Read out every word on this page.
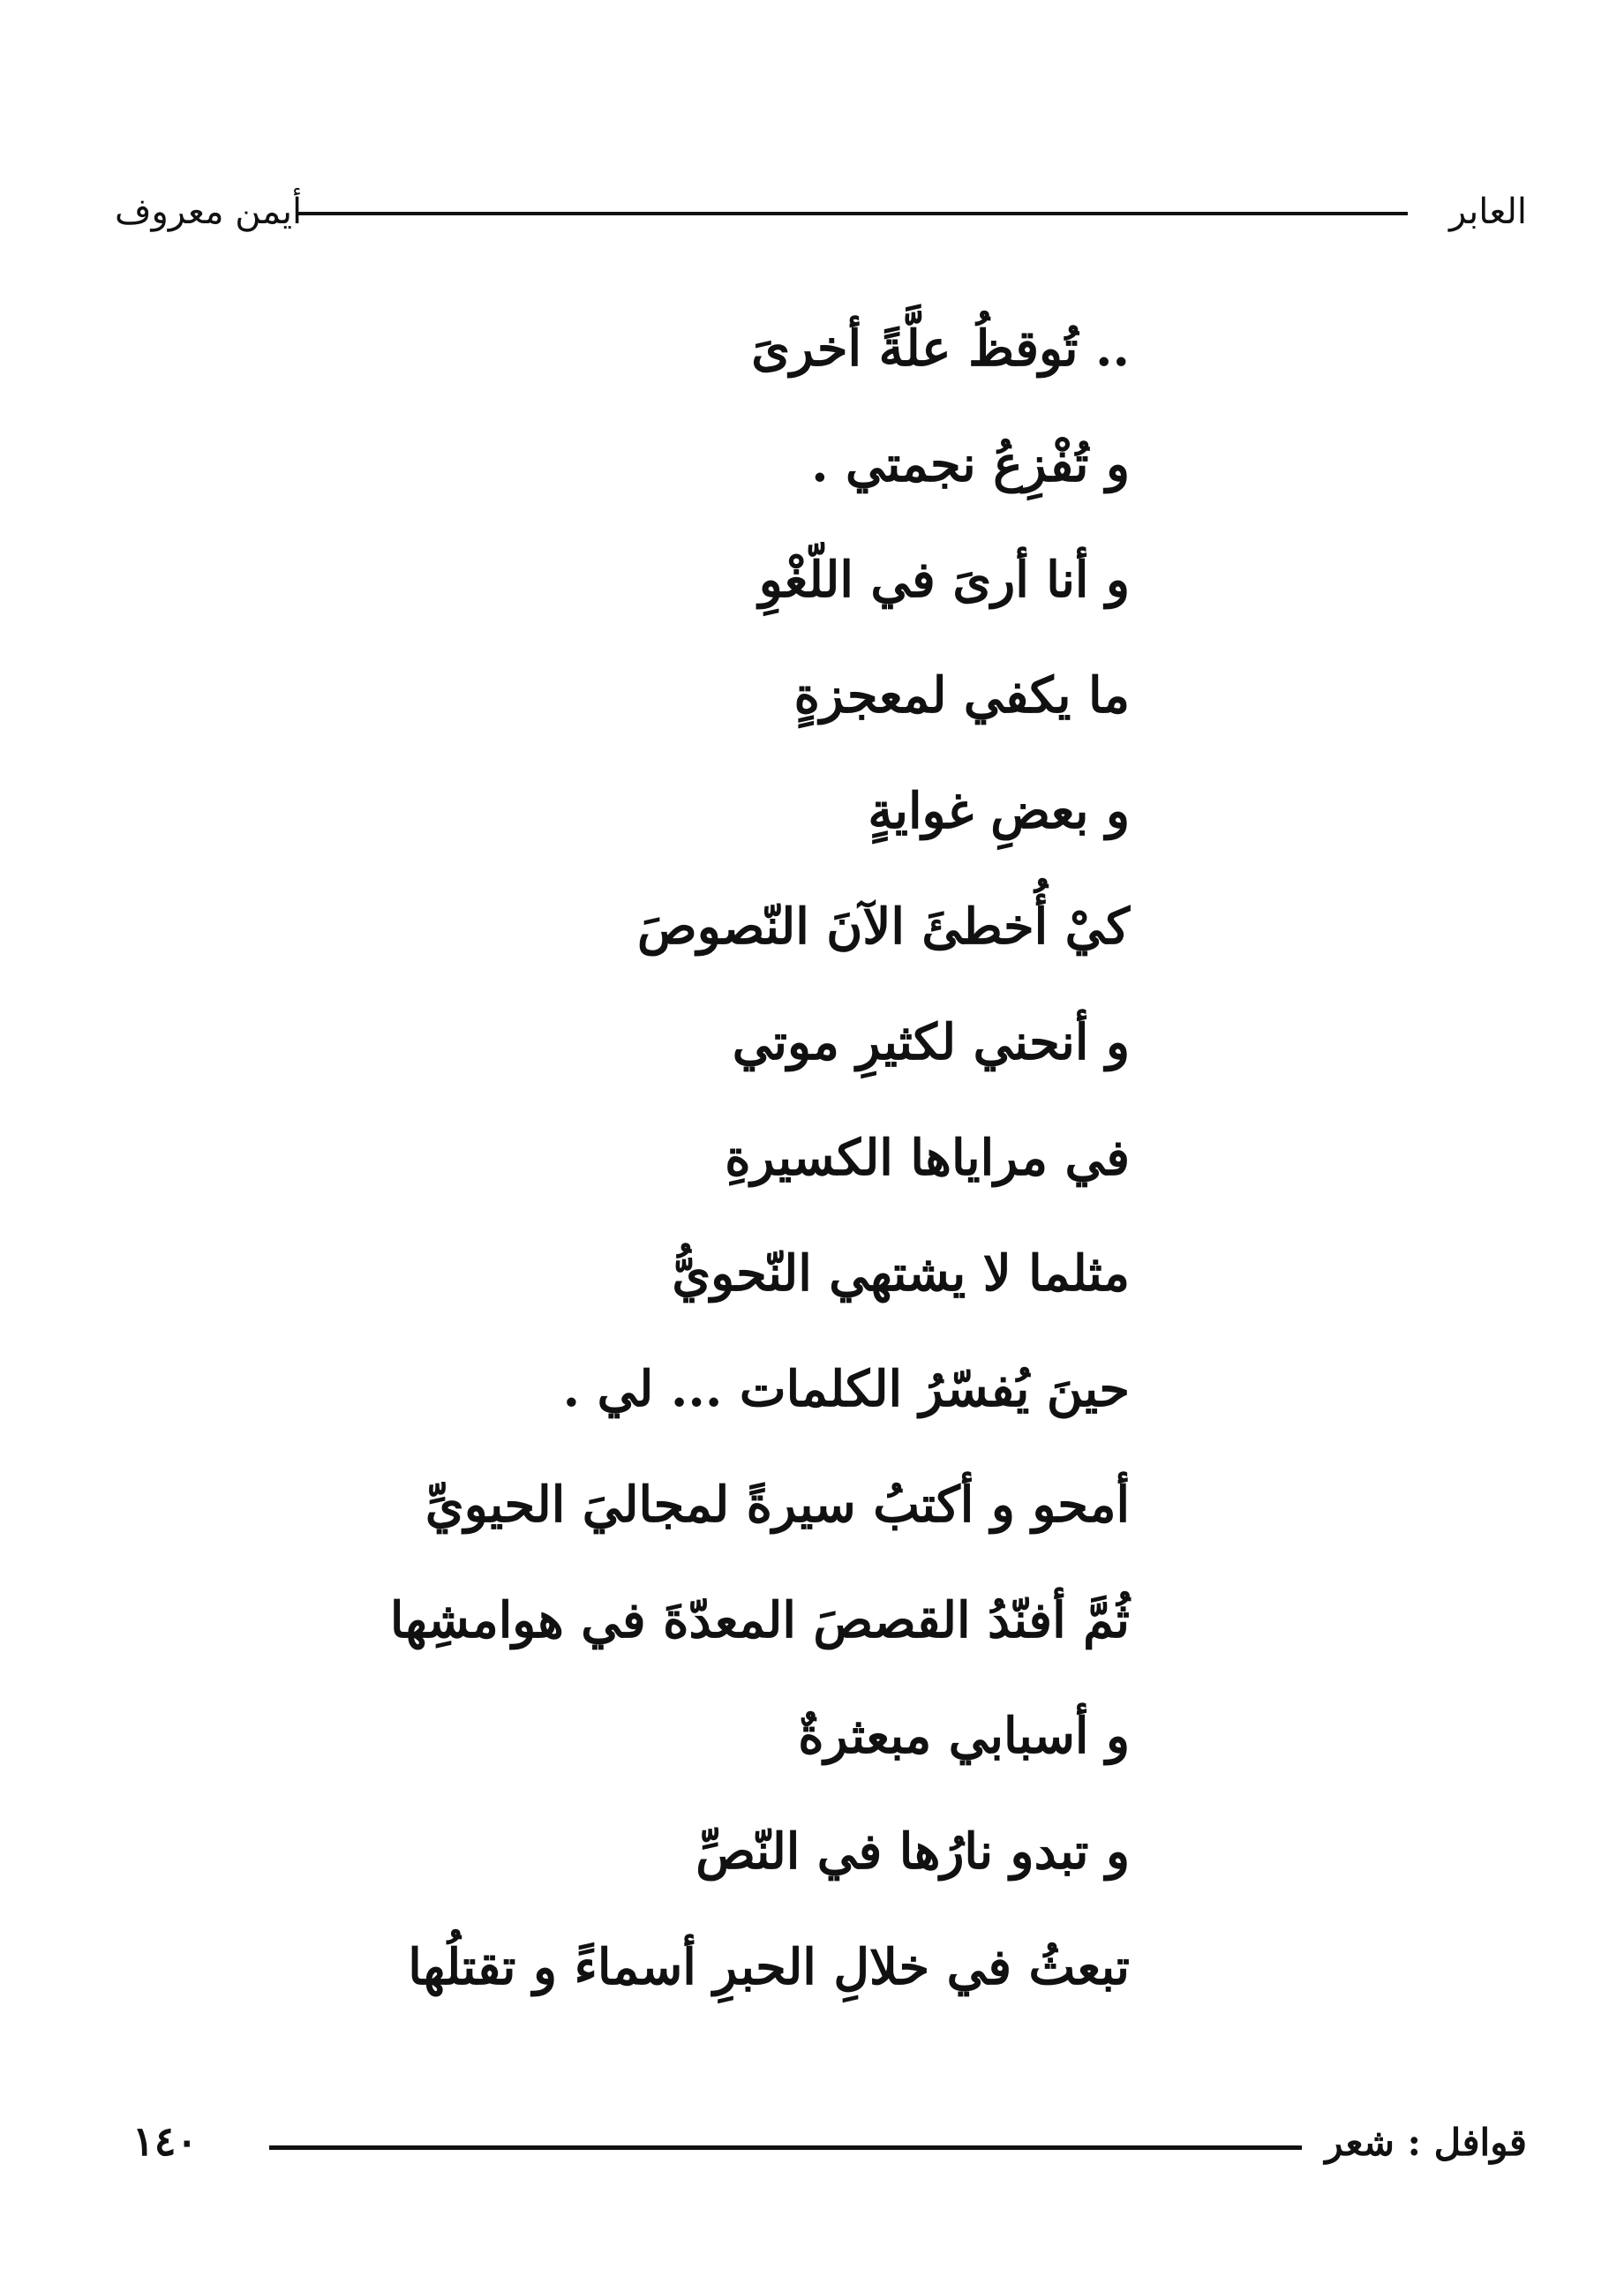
العابر
أيمن معروف
.. تُوقظُ علَّةً أخرىَ
و تُفْزِعُ نجمتي .
و أنا أرىَ في اللّغْوِ
ما يكفي لمعجزةٍ
و بعضِ غوايةٍ
كيْ أُخطئَ الآنَ النّصوصَ
و أنحني لكثيرِ موتي
في مراياها الكسيرةِ
مثلما لا يشتهي النّحويُّ
حينَ يُفسّرُ الكلمات ... لي .
أمحو و أكتبُ سيرةً لمجاليَ الحيويِّ
ثُمَّ أفنّدُ القصصَ المعدّةَ في هوامشِها
و أسبابي مبعثرةٌ
و تبدو نارُها في النّصِّ
تبعثُ في خلالِ الحبرِ أسماءً و تقتلُها
قوافل : شعر
١٤٠
